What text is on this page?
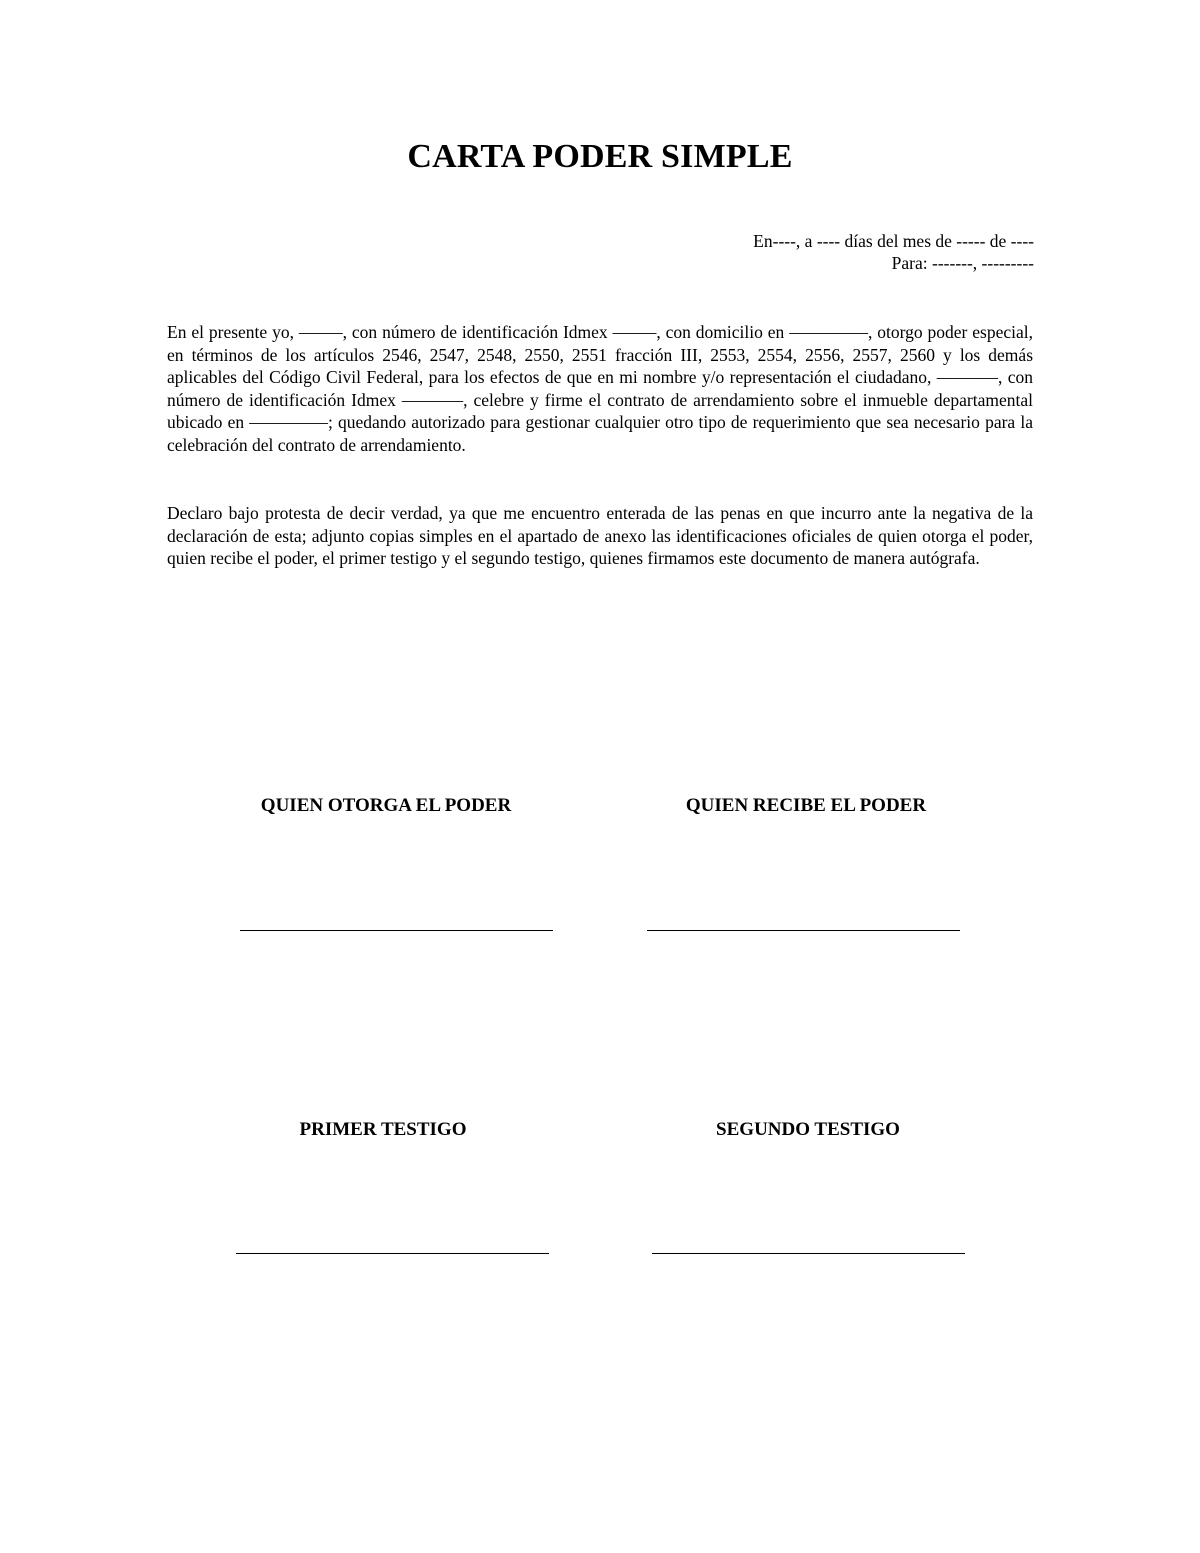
CARTA PODER SIMPLE
En----, a ---- días del mes de ----- de ----
Para: -------, ---------

En el presente yo, –––––, con número de identificación Idmex –––––, con domicilio en –––––––––, otorgo poder especial, en términos de los artículos 2546, 2547, 2548, 2550, 2551 fracción III, 2553, 2554, 2556, 2557, 2560 y los demás aplicables del Código Civil Federal, para los efectos de que en mi nombre y/o representación el ciudadano, –––––––, con número de identificación Idmex –––––––, celebre y firme el contrato de arrendamiento sobre el inmueble departamental ubicado en –––––––––; quedando autorizado para gestionar cualquier otro tipo de requerimiento que sea necesario para la celebración del contrato de arrendamiento.

Declaro bajo protesta de decir verdad, ya que me encuentro enterada de las penas en que incurro ante la negativa de la declaración de esta; adjunto copias simples en el apartado de anexo las identificaciones oficiales de quien otorga el poder, quien recibe el poder, el primer testigo y el segundo testigo, quienes firmamos este documento de manera autógrafa.

QUIEN OTORGA EL PODER	QUIEN RECIBE EL PODER
PRIMER TESTIGO	SEGUNDO TESTIGO
